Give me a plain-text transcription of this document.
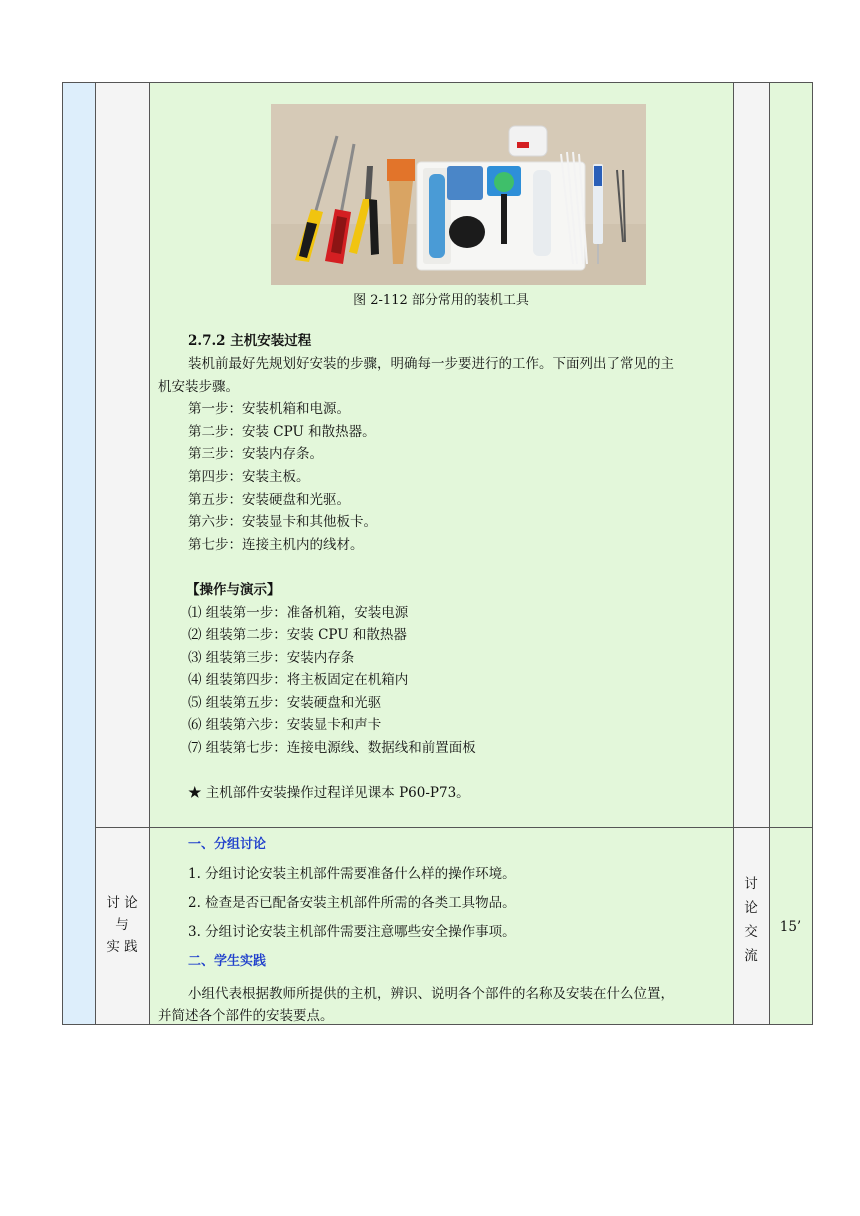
图 2-112 部分常用的装机工具
2.7.2 主机安装过程
装机前最好先规划好安装的步骤，明确每一步要进行的工作。下面列出了常见的主
机安装步骤。
第一步：安装机箱和电源。
第二步：安装 CPU 和散热器。
第三步：安装内存条。
第四步：安装主板。
第五步：安装硬盘和光驱。
第六步：安装显卡和其他板卡。
第七步：连接主机内的线材。
【操作与演示】
⑴ 组装第一步：准备机箱，安装电源
⑵ 组装第二步：安装 CPU 和散热器
⑶ 组装第三步：安装内存条
⑷ 组装第四步：将主板固定在机箱内
⑸ 组装第五步：安装硬盘和光驱
⑹ 组装第六步：安装显卡和声卡
⑺ 组装第七步：连接电源线、数据线和前置面板
★ 主机部件安装操作过程详见课本 P60-P73。
讨 论
与
实 践
一、分组讨论
1. 分组讨论安装主机部件需要准备什么样的操作环境。
2. 检查是否已配备安装主机部件所需的各类工具物品。
3. 分组讨论安装主机部件需要注意哪些安全操作事项。
二、学生实践
小组代表根据教师所提供的主机，辨识、说明各个部件的名称及安装在什么位置，
并简述各个部件的安装要点。
讨
论
交
流
15’
